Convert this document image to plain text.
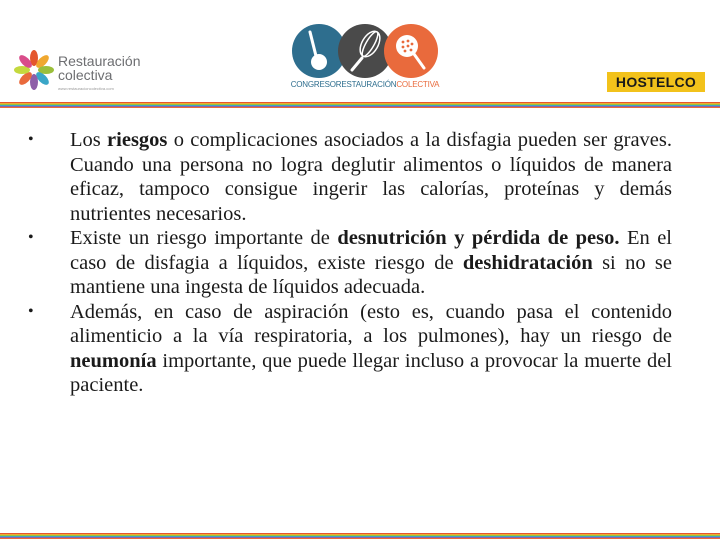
Restauración
colectiva
www.restauracioncolectiva.com	CONGRESORESTAURACIÓNCOLECTIVA	HOSTELCO

•	Los riesgos o complicaciones asociados a la disfagia pueden ser graves. Cuando una persona no logra deglutir alimentos o líquidos de manera eficaz, tampoco consigue ingerir las calorías, proteínas y demás nutrientes necesarios.

•	Existe un riesgo importante de desnutrición y pérdida de peso. En el caso de disfagia a líquidos, existe riesgo de deshidratación si no se mantiene una ingesta de líquidos adecuada.

•	Además, en caso de aspiración (esto es, cuando pasa el contenido alimenticio a la vía respiratoria, a los pulmones), hay un riesgo de neumonía importante, que puede llegar incluso a provocar la muerte del paciente.
